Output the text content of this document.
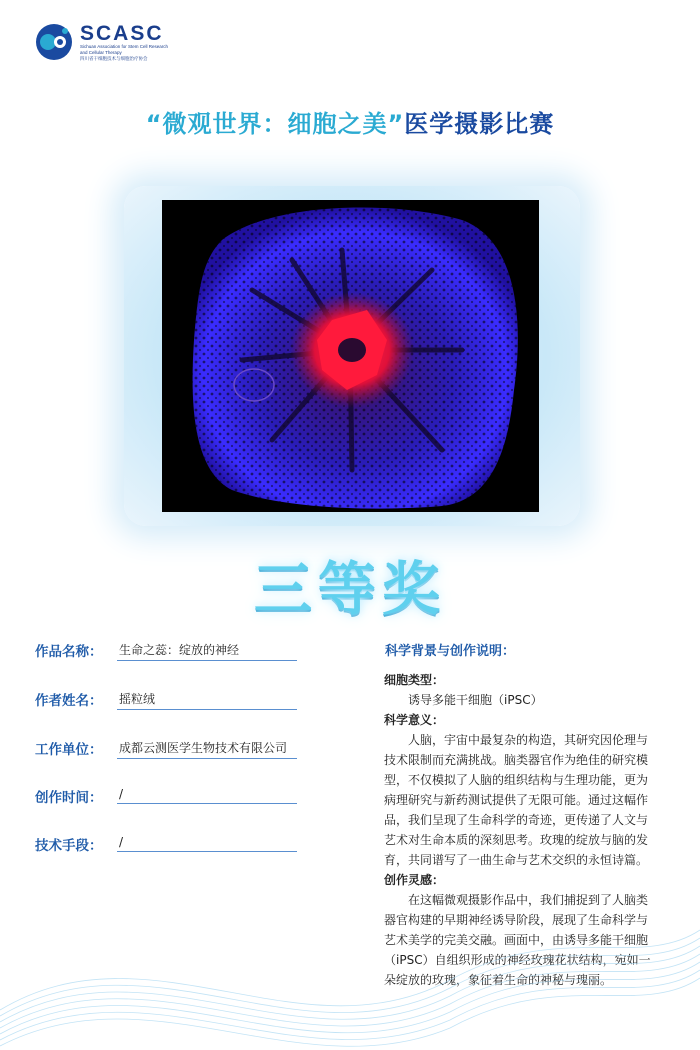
SCASC
Sichuan Association for Stem Cell Research
and Cellular Therapy
四川省干细胞技术与细胞治疗协会
“微观世界：细胞之美”医学摄影比赛
三等奖
作品名称： 生命之蕊：绽放的神经
作者姓名： 摇粒绒
工作单位： 成都云测医学生物技术有限公司
创作时间： /
技术手段： /
科学背景与创作说明：
细胞类型：
诱导多能干细胞（iPSC）
科学意义：
人脑，宇宙中最复杂的构造，其研究因伦理与
技术限制而充满挑战。脑类器官作为绝佳的研究模
型，不仅模拟了人脑的组织结构与生理功能，更为
病理研究与新药测试提供了无限可能。通过这幅作
品，我们呈现了生命科学的奇迹，更传递了人文与
艺术对生命本质的深刻思考。玫瑰的绽放与脑的发
育，共同谱写了一曲生命与艺术交织的永恒诗篇。
创作灵感：
在这幅微观摄影作品中，我们捕捉到了人脑类
器官构建的早期神经诱导阶段，展现了生命科学与
艺术美学的完美交融。画面中，由诱导多能干细胞
（iPSC）自组织形成的神经玫瑰花状结构，宛如一
朵绽放的玫瑰，象征着生命的神秘与瑰丽。
